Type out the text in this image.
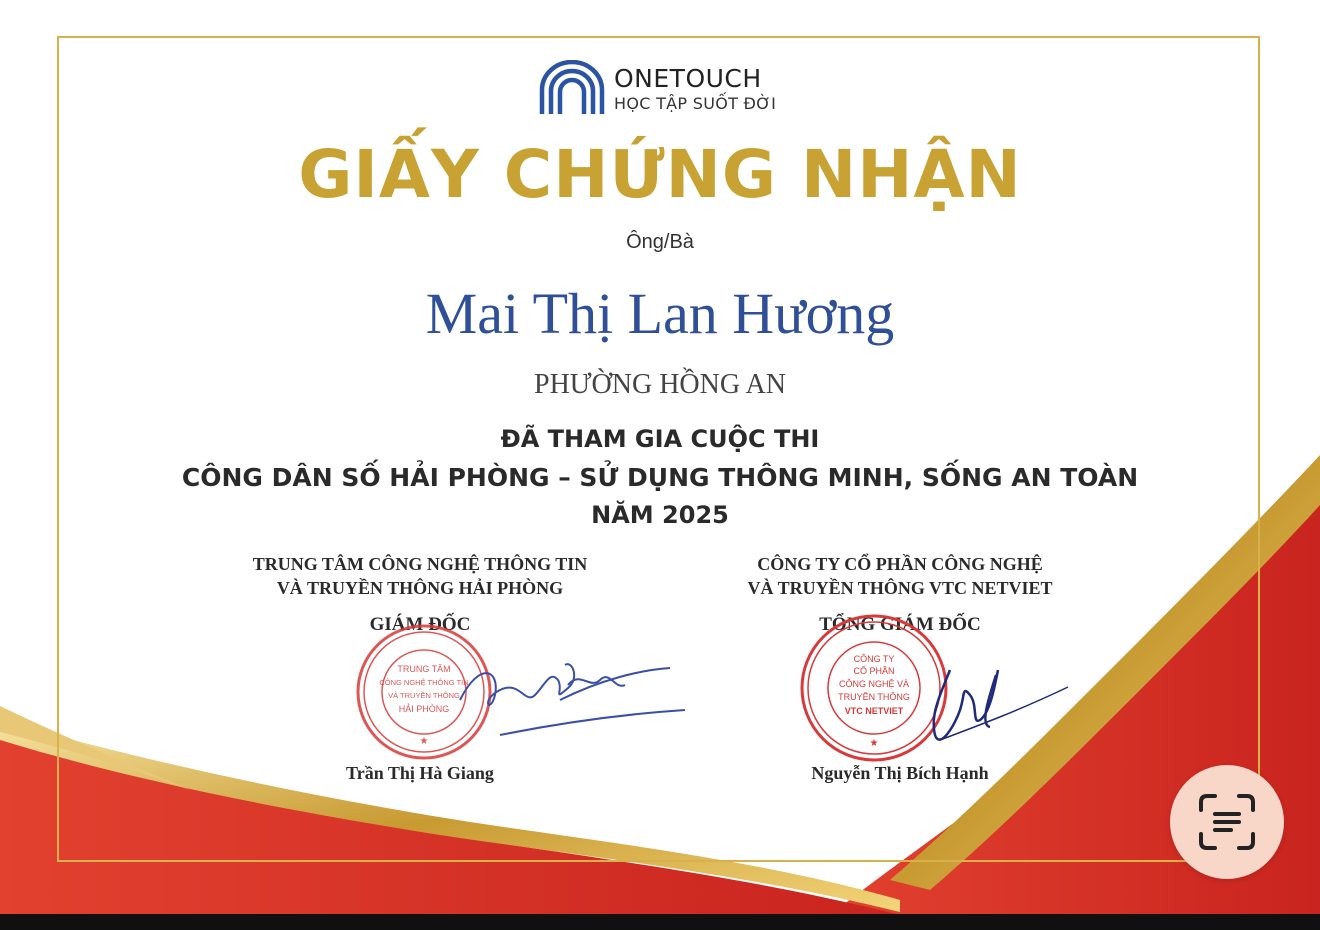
ONETOUCH
HỌC TẬP SUỐT ĐỜI
GIẤY CHỨNG NHẬN
Ông/Bà
Mai Thị Lan Hương
PHƯỜNG HỒNG AN
ĐÃ THAM GIA CUỘC THI
CÔNG DÂN SỐ HẢI PHÒNG – SỬ DỤNG THÔNG MINH, SỐNG AN TOÀN
NĂM 2025
TRUNG TÂM CÔNG NGHỆ THÔNG TIN
VÀ TRUYỀN THÔNG HẢI PHÒNG
GIÁM ĐỐC
CÔNG TY CỔ PHẦN CÔNG NGHỆ
VÀ TRUYỀN THÔNG VTC NETVIET
TỔNG GIÁM ĐỐC
TRUNG TÂM
CÔNG NGHỆ THÔNG TIN
VÀ TRUYỀN THÔNG
HẢI PHÒNG
★
CÔNG TY
CỔ PHẦN
CÔNG NGHỆ VÀ
TRUYỀN THÔNG
VTC NETVIET
★
Trần Thị Hà Giang	Nguyễn Thị Bích Hạnh
